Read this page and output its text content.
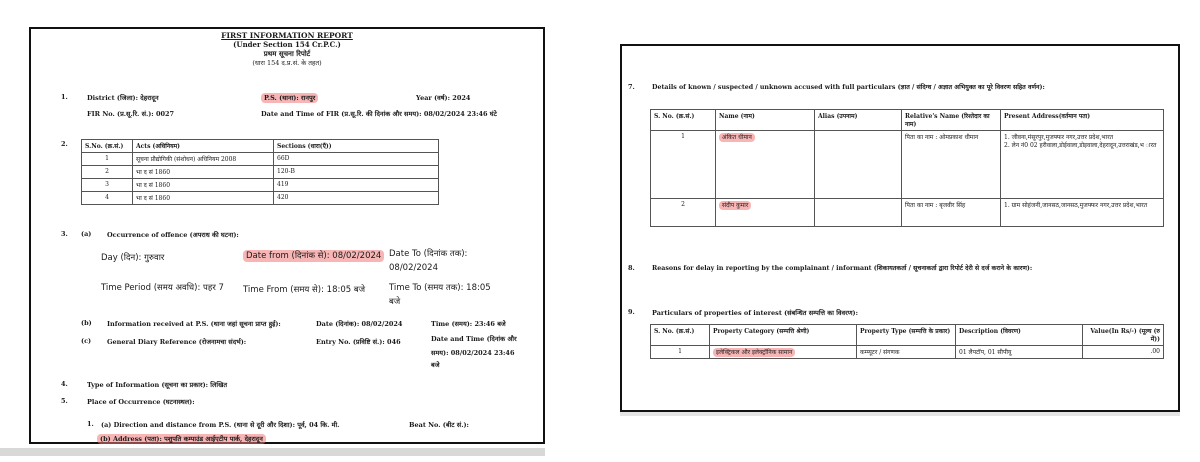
FIRST INFORMATION REPORT
(Under Section 154 Cr.P.C.)
प्रथम सूचना रिपोर्ट
(धारा 154 द.प्र.सं. के तहत)
1.	District (जिला): देहरादून	P.S. (थाना): रानपुर	Year (वर्ष): 2024
FIR No. (प्र.सू.रि. सं.): 0027	Date and Time of FIR (प्र.सू.रि. की दिनांक और समय): 08/02/2024 23:46 घंटे
2.	S.No. (क्र.सं.)	Acts (अधिनियम)	Sections (धारा(एँ))
1	सूचना प्रौद्योगिकी (संशोधन) अधिनियम 2008	66D
2	भा द सं 1860	120-B
3	भा द सं 1860	419
4	भा द सं 1860	420
3. (a) Occurrence of offence (अपराध की घटना):
Day (दिन): गुरुवार	Date from (दिनांक से): 08/02/2024 Date To (दिनांक तक):
08/02/2024
Time Period (समय अवधि): पहर 7 Time From (समय से): 18:05 बजे	Time To (समय तक): 18:05
बजे
(b) Information received at P.S. (थाना जहां सूचना प्राप्त हुई):	Date (दिनांक): 08/02/2024	Time (समय): 23:46 बजे
(c) General Diary Reference (रोजनामचा संदर्भ):	Entry No. (प्रविष्टि सं.): 046	Date and Time (दिनांक और
समय): 08/02/2024 23:46
बजे
4.	Type of Information (सूचना का प्रकार): लिखित
5.	Place of Occurrence (घटनास्थल):
1. (a) Direction and distance from P.S. (थाना से दूरी और दिशा): पूर्व, 04 कि. मी.	Beat No. (बीट सं.):
(b) Address (पता): पशुपति कम्पाउंड आईएटीप पार्क, देहरादून
7.	Details of known / suspected / unknown accused with full particulars (ज्ञात / संदिग्ध / अज्ञात अभियुक्त का पूरे विवरण सहित वर्णन):
S. No. (क्र.सं.)	Name (नाम)	Alias (उपनाम)	Relative's Name (रिश्तेदार का नाम)	Present Address(वर्तमान पता)
1	अंकित धीमान		पिता का नाम : ओमप्रकाश धीमान	1. जीवना,मंसूरपुर,मुजफ्फर नगर,उत्तर प्रदेश,भारत
2. लेन नं0 02 हरीवाला,डोईवाला,डोइवाला,देहरादून,उत्तराखंड,भ ारत

2	संदीप कुमार		पिता का नाम : बृजवीर सिंह	1. ग्राम सोहंजनी,जानसठ,जानसठ,मुजफ्फर नगर,उत्तर प्रदेश,भारत
8.	Reasons for delay in reporting by the complainant / informant (शिकायतकर्ता / सूचनाकर्ता द्वारा रिपोर्ट देरी से दर्ज कराने के कारण):
9.	Particulars of properties of interest (संबन्धित सम्पत्ति का विवरण):
S. No. (क्र.सं.)	Property Category (सम्पत्ति श्रेणी)	Property Type (सम्पत्ति के प्रकार)	Description (विवरण)	Value(In Rs/-) (मूल्य (रु में))
1	इलेक्ट्रिकल और इलेक्ट्रॉनिक सामान	कम्प्यूटर / संगणक	01 लैपटॉप, 01 सीपीयू	.00
